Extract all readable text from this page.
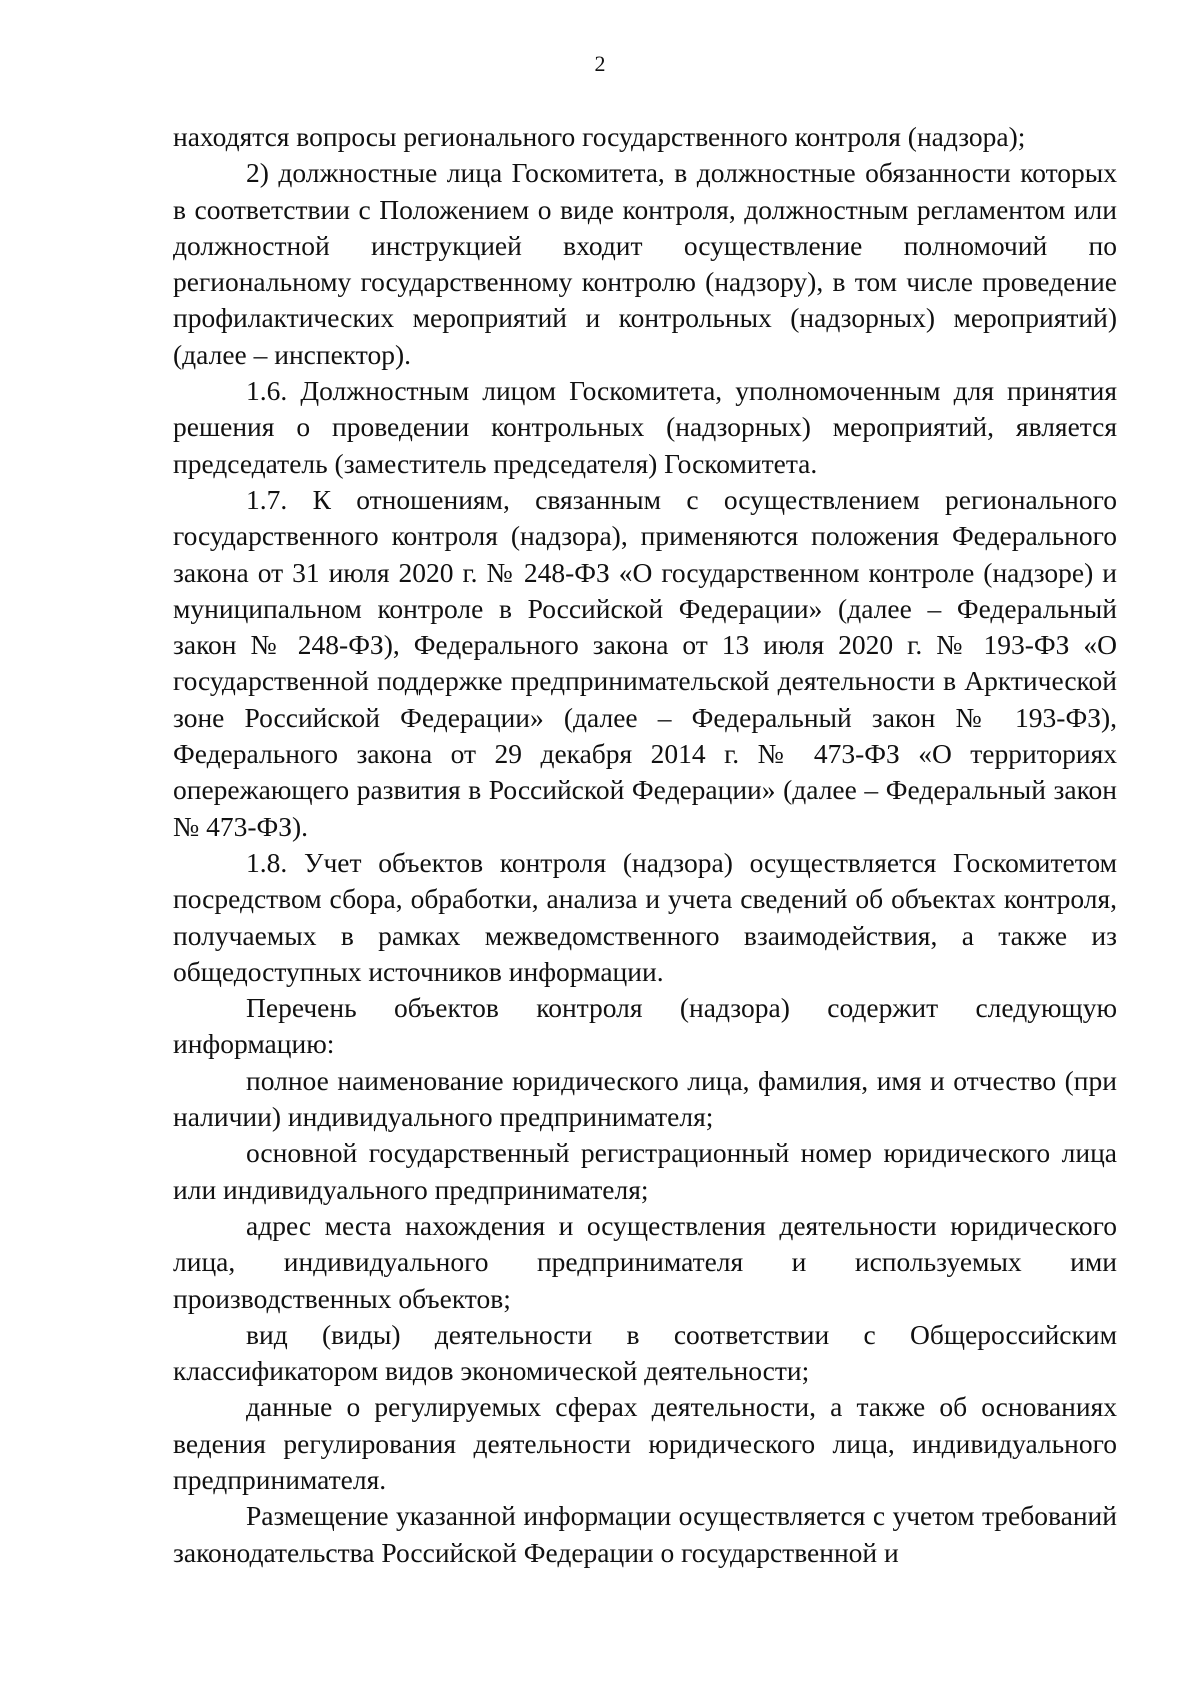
2

находятся вопросы регионального государственного контроля (надзора);

2) должностные лица Госкомитета, в должностные обязанности которых в соответствии с Положением о виде контроля, должностным регламентом или должностной инструкцией входит осуществление полномочий по региональному государственному контролю (надзору), в том числе проведение профилактических мероприятий и контрольных (надзорных) мероприятий) (далее – инспектор).

1.6. Должностным лицом Госкомитета, уполномоченным для принятия решения о проведении контрольных (надзорных) мероприятий, является председатель (заместитель председателя) Госкомитета.

1.7. К отношениям, связанным с осуществлением регионального государственного контроля (надзора), применяются положения Федерального закона от 31 июля 2020 г. № 248-ФЗ «О государственном контроле (надзоре) и муниципальном контроле в Российской Федерации» (далее – Федеральный закон № 248-ФЗ), Федерального закона от 13 июля 2020 г. № 193-ФЗ «О государственной поддержке предпринимательской деятельности в Арктической зоне Российской Федерации» (далее – Федеральный закон № 193-ФЗ), Федерального закона от 29 декабря 2014 г. № 473-ФЗ «О территориях опережающего развития в Российской Федерации» (далее – Федеральный закон № 473-ФЗ).

1.8. Учет объектов контроля (надзора) осуществляется Госкомитетом посредством сбора, обработки, анализа и учета сведений об объектах контроля, получаемых в рамках межведомственного взаимодействия, а также из общедоступных источников информации.

Перечень объектов контроля (надзора) содержит следующую информацию:

полное наименование юридического лица, фамилия, имя и отчество (при наличии) индивидуального предпринимателя;

основной государственный регистрационный номер юридического лица или индивидуального предпринимателя;

адрес места нахождения и осуществления деятельности юридического лица, индивидуального предпринимателя и используемых ими производственных объектов;

вид (виды) деятельности в соответствии с Общероссийским классификатором видов экономической деятельности;

данные о регулируемых сферах деятельности, а также об основаниях ведения регулирования деятельности юридического лица, индивидуального предпринимателя.

Размещение указанной информации осуществляется с учетом требований законодательства Российской Федерации о государственной и
